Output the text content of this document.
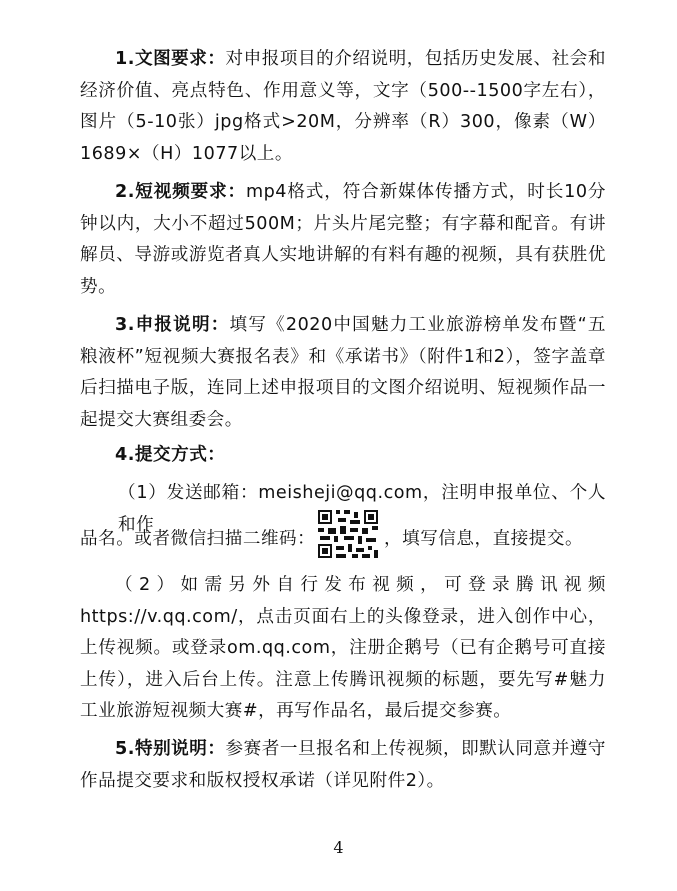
1.文图要求：对申报项目的介绍说明，包括历史发展、社会和经济价值、亮点特色、作用意义等，文字（500--1500字左右），图片（5-10张）jpg格式>20M，分辨率（R）300，像素（W）1689×（H）1077以上。

2.短视频要求：mp4格式，符合新媒体传播方式，时长10分钟以内，大小不超过500M；片头片尾完整；有字幕和配音。有讲解员、导游或游览者真人实地讲解的有料有趣的视频，具有获胜优势。

3.申报说明：填写《2020中国魅力工业旅游榜单发布暨“五粮液杯”短视频大赛报名表》和《承诺书》（附件1和2），签字盖章后扫描电子版，连同上述申报项目的文图介绍说明、短视频作品一起提交大赛组委会。

4.提交方式：

（1）发送邮箱：meisheji@qq.com，注明申报单位、个人和作

品名。或者微信扫描二维码：	，填写信息，直接提交。

（2）如需另外自行发布视频，可登录腾讯视频https://v.qq.com/，点击页面右上的头像登录，进入创作中心，上传视频。或登录om.qq.com，注册企鹅号（已有企鹅号可直接上传），进入后台上传。注意上传腾讯视频的标题，要先写#魅力工业旅游短视频大赛#，再写作品名，最后提交参赛。

5.特别说明：参赛者一旦报名和上传视频，即默认同意并遵守作品提交要求和版权授权承诺（详见附件2）。

4
